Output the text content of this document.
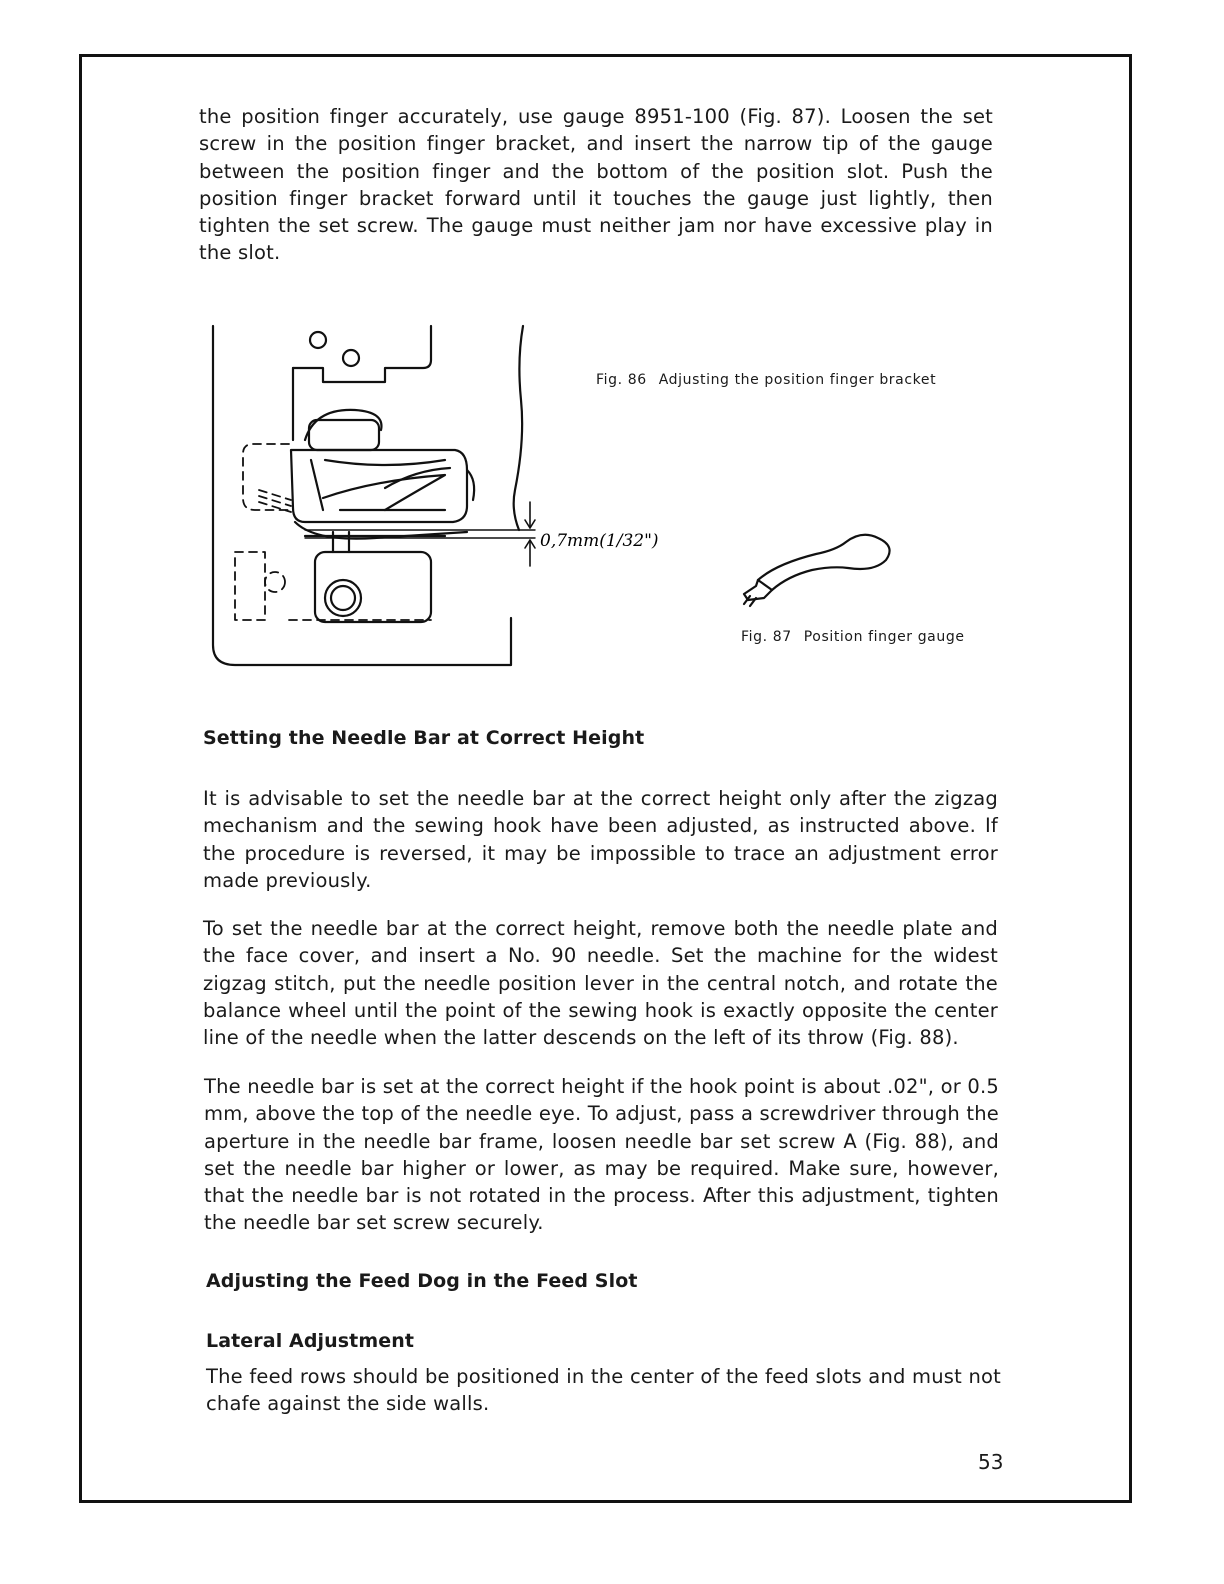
the position finger accurately, use gauge 8951-100 (Fig. 87). Loosen the set screw in the position finger bracket, and insert the narrow tip of the gauge between the position finger and the bottom of the position slot. Push the position finger bracket forward until it touches the gauge just lightly, then tighten the set screw. The gauge must neither jam nor have excessive play in the slot.

0,7mm(1/32")

Fig. 86 Adjusting the position finger bracket

Fig. 87 Position finger gauge

Setting the Needle Bar at Correct Height

It is advisable to set the needle bar at the correct height only after the zigzag mechanism and the sewing hook have been adjusted, as instructed above. If the procedure is reversed, it may be impossible to trace an adjustment error made previously.

To set the needle bar at the correct height, remove both the needle plate and the face cover, and insert a No. 90 needle. Set the machine for the widest zigzag stitch, put the needle position lever in the central notch, and rotate the balance wheel until the point of the sewing hook is exactly opposite the center line of the needle when the latter descends on the left of its throw (Fig. 88).

The needle bar is set at the correct height if the hook point is about .02", or 0.5 mm, above the top of the needle eye. To adjust, pass a screwdriver through the aperture in the needle bar frame, loosen needle bar set screw A (Fig. 88), and set the needle bar higher or lower, as may be required. Make sure, however, that the needle bar is not rotated in the process. After this adjustment, tighten the needle bar set screw securely.

Adjusting the Feed Dog in the Feed Slot
Lateral Adjustment

The feed rows should be positioned in the center of the feed slots and must not chafe against the side walls.

53
